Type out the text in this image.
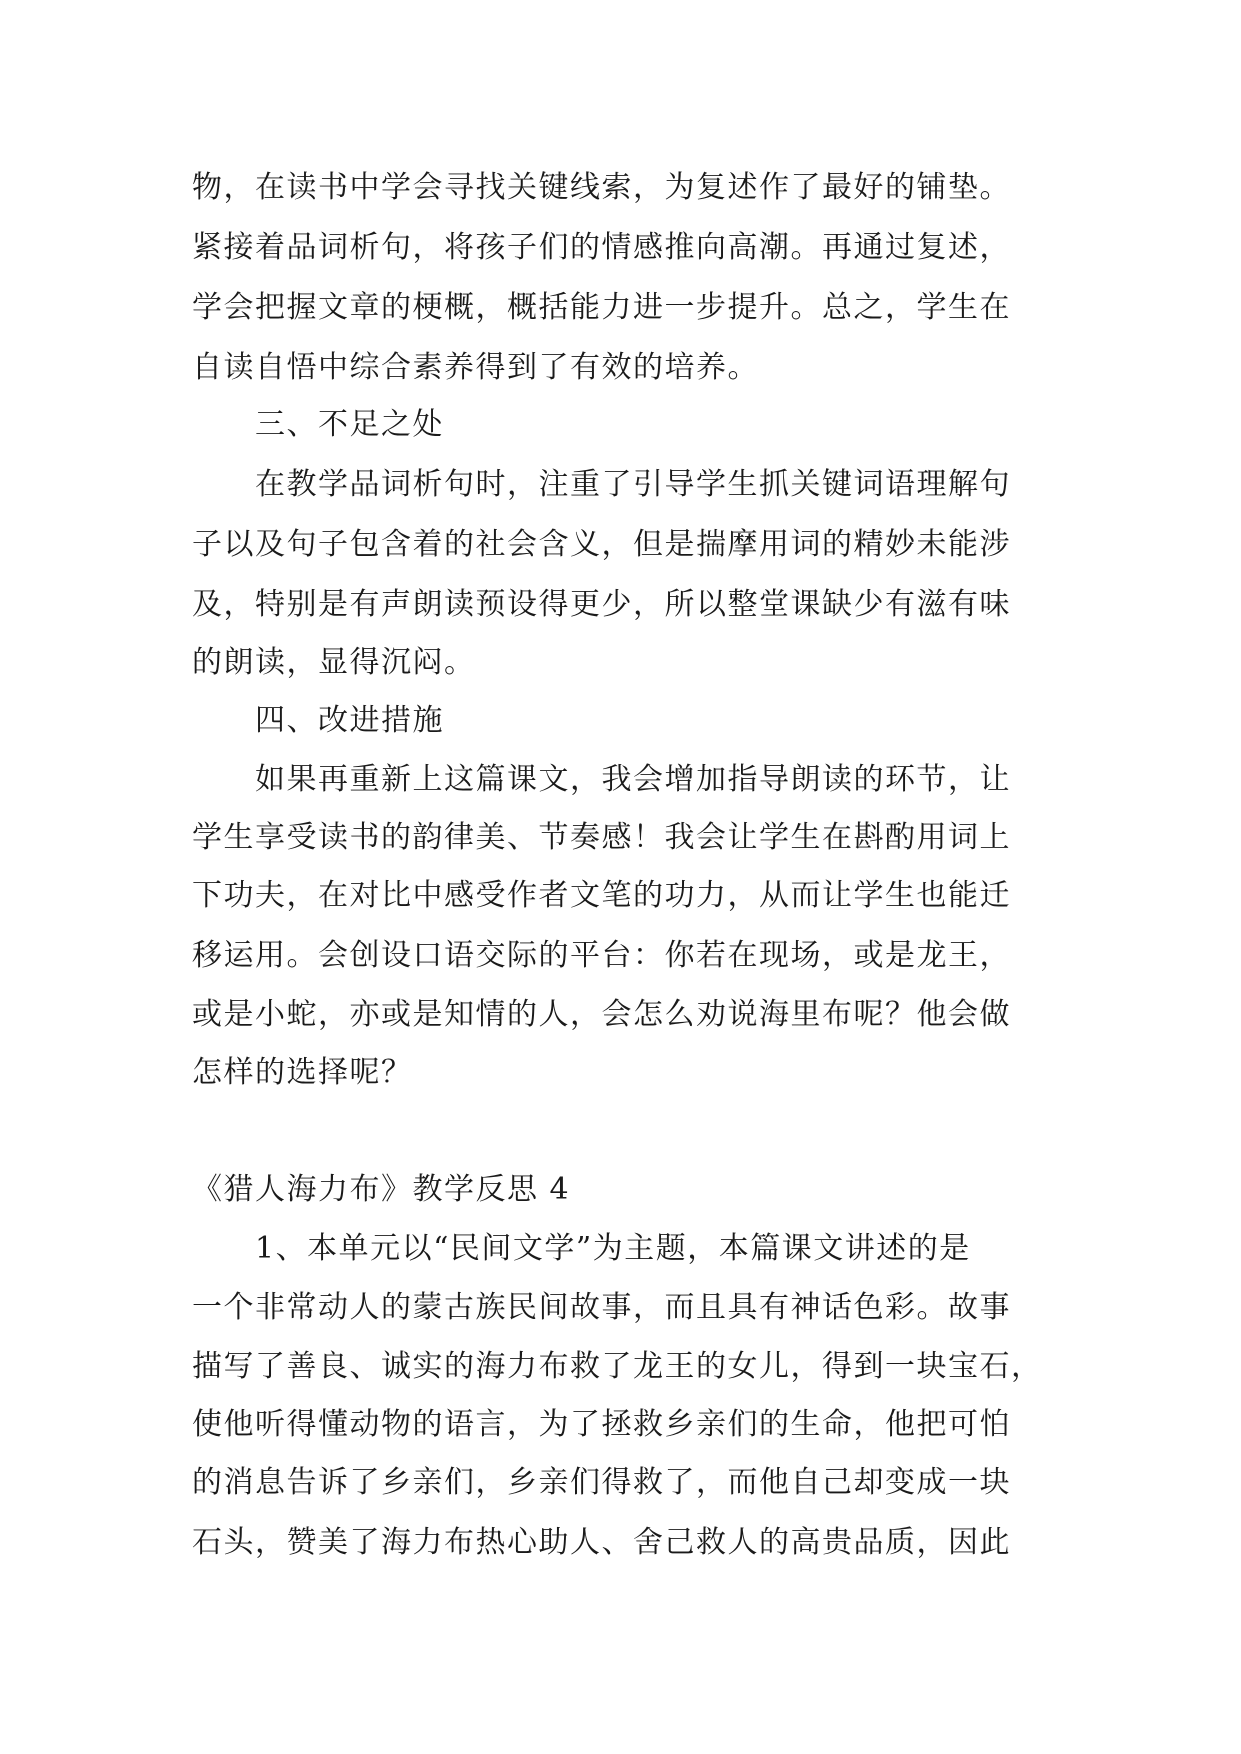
物，在读书中学会寻找关键线索，为复述作了最好的铺垫。
紧接着品词析句，将孩子们的情感推向高潮。再通过复述，
学会把握文章的梗概，概括能力进一步提升。总之，学生在
自读自悟中综合素养得到了有效的培养。
三、不足之处
在教学品词析句时，注重了引导学生抓关键词语理解句
子以及句子包含着的社会含义，但是揣摩用词的精妙未能涉
及，特别是有声朗读预设得更少，所以整堂课缺少有滋有味
的朗读，显得沉闷。
四、改进措施
如果再重新上这篇课文，我会增加指导朗读的环节，让
学生享受读书的韵律美、节奏感！我会让学生在斟酌用词上
下功夫，在对比中感受作者文笔的功力，从而让学生也能迁
移运用。会创设口语交际的平台：你若在现场，或是龙王，
或是小蛇，亦或是知情的人，会怎么劝说海里布呢？他会做
怎样的选择呢？
《猎人海力布》教学反思 4
1、本单元以“民间文学”为主题，本篇课文讲述的是
一个非常动人的蒙古族民间故事，而且具有神话色彩。故事
描写了善良、诚实的海力布救了龙王的女儿，得到一块宝石，
使他听得懂动物的语言，为了拯救乡亲们的生命，他把可怕
的消息告诉了乡亲们，乡亲们得救了，而他自己却变成一块
石头，赞美了海力布热心助人、舍己救人的高贵品质，因此
